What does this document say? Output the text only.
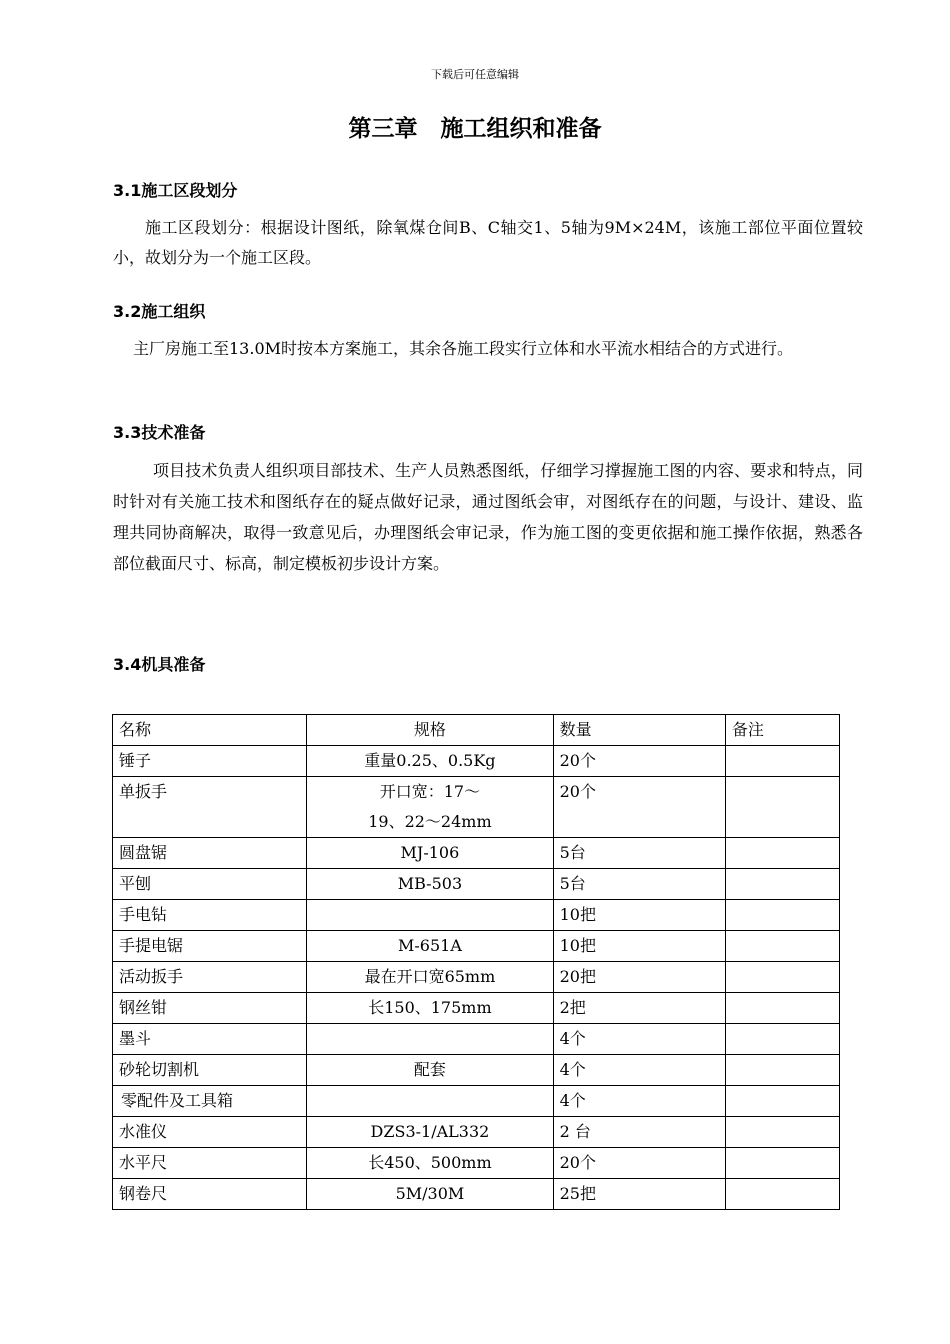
下载后可任意编辑
第三章　施工组织和准备
3.1施工区段划分

施工区段划分：根据设计图纸，除氧煤仓间B、C轴交1、5轴为9M×24M，该施工部位平面位置较小，故划分为一个施工区段。

3.2施工组织

主厂房施工至13.0M时按本方案施工，其余各施工段实行立体和水平流水相结合的方式进行。

3.3技术准备

项目技术负责人组织项目部技术、生产人员熟悉图纸，仔细学习撑握施工图的内容、要求和特点，同时针对有关施工技术和图纸存在的疑点做好记录，通过图纸会审，对图纸存在的问题，与设计、建设、监理共同协商解决，取得一致意见后，办理图纸会审记录，作为施工图的变更依据和施工操作依据，熟悉各部位截面尺寸、标高，制定模板初步设计方案。

3.4机具准备
名称	规格	数量	备注
锤子	重量0.25、0.5Kg	20个	
单扳手	开口宽：17～
19、22～24mm	20个	
圆盘锯	MJ-106	5台	
平刨	MB-503	5台	
手电钻		10把	
手提电锯	M-651A	10把	
活动扳手	最在开口宽65mm	20把	
钢丝钳	长150、175mm	2把	
墨斗		4个	
砂轮切割机	配套	4个	
零配件及工具箱		4个	
水准仪	DZS3-1/AL332	2 台	
水平尺	长450、500mm	20个	
钢卷尺	5M/30M	25把	
